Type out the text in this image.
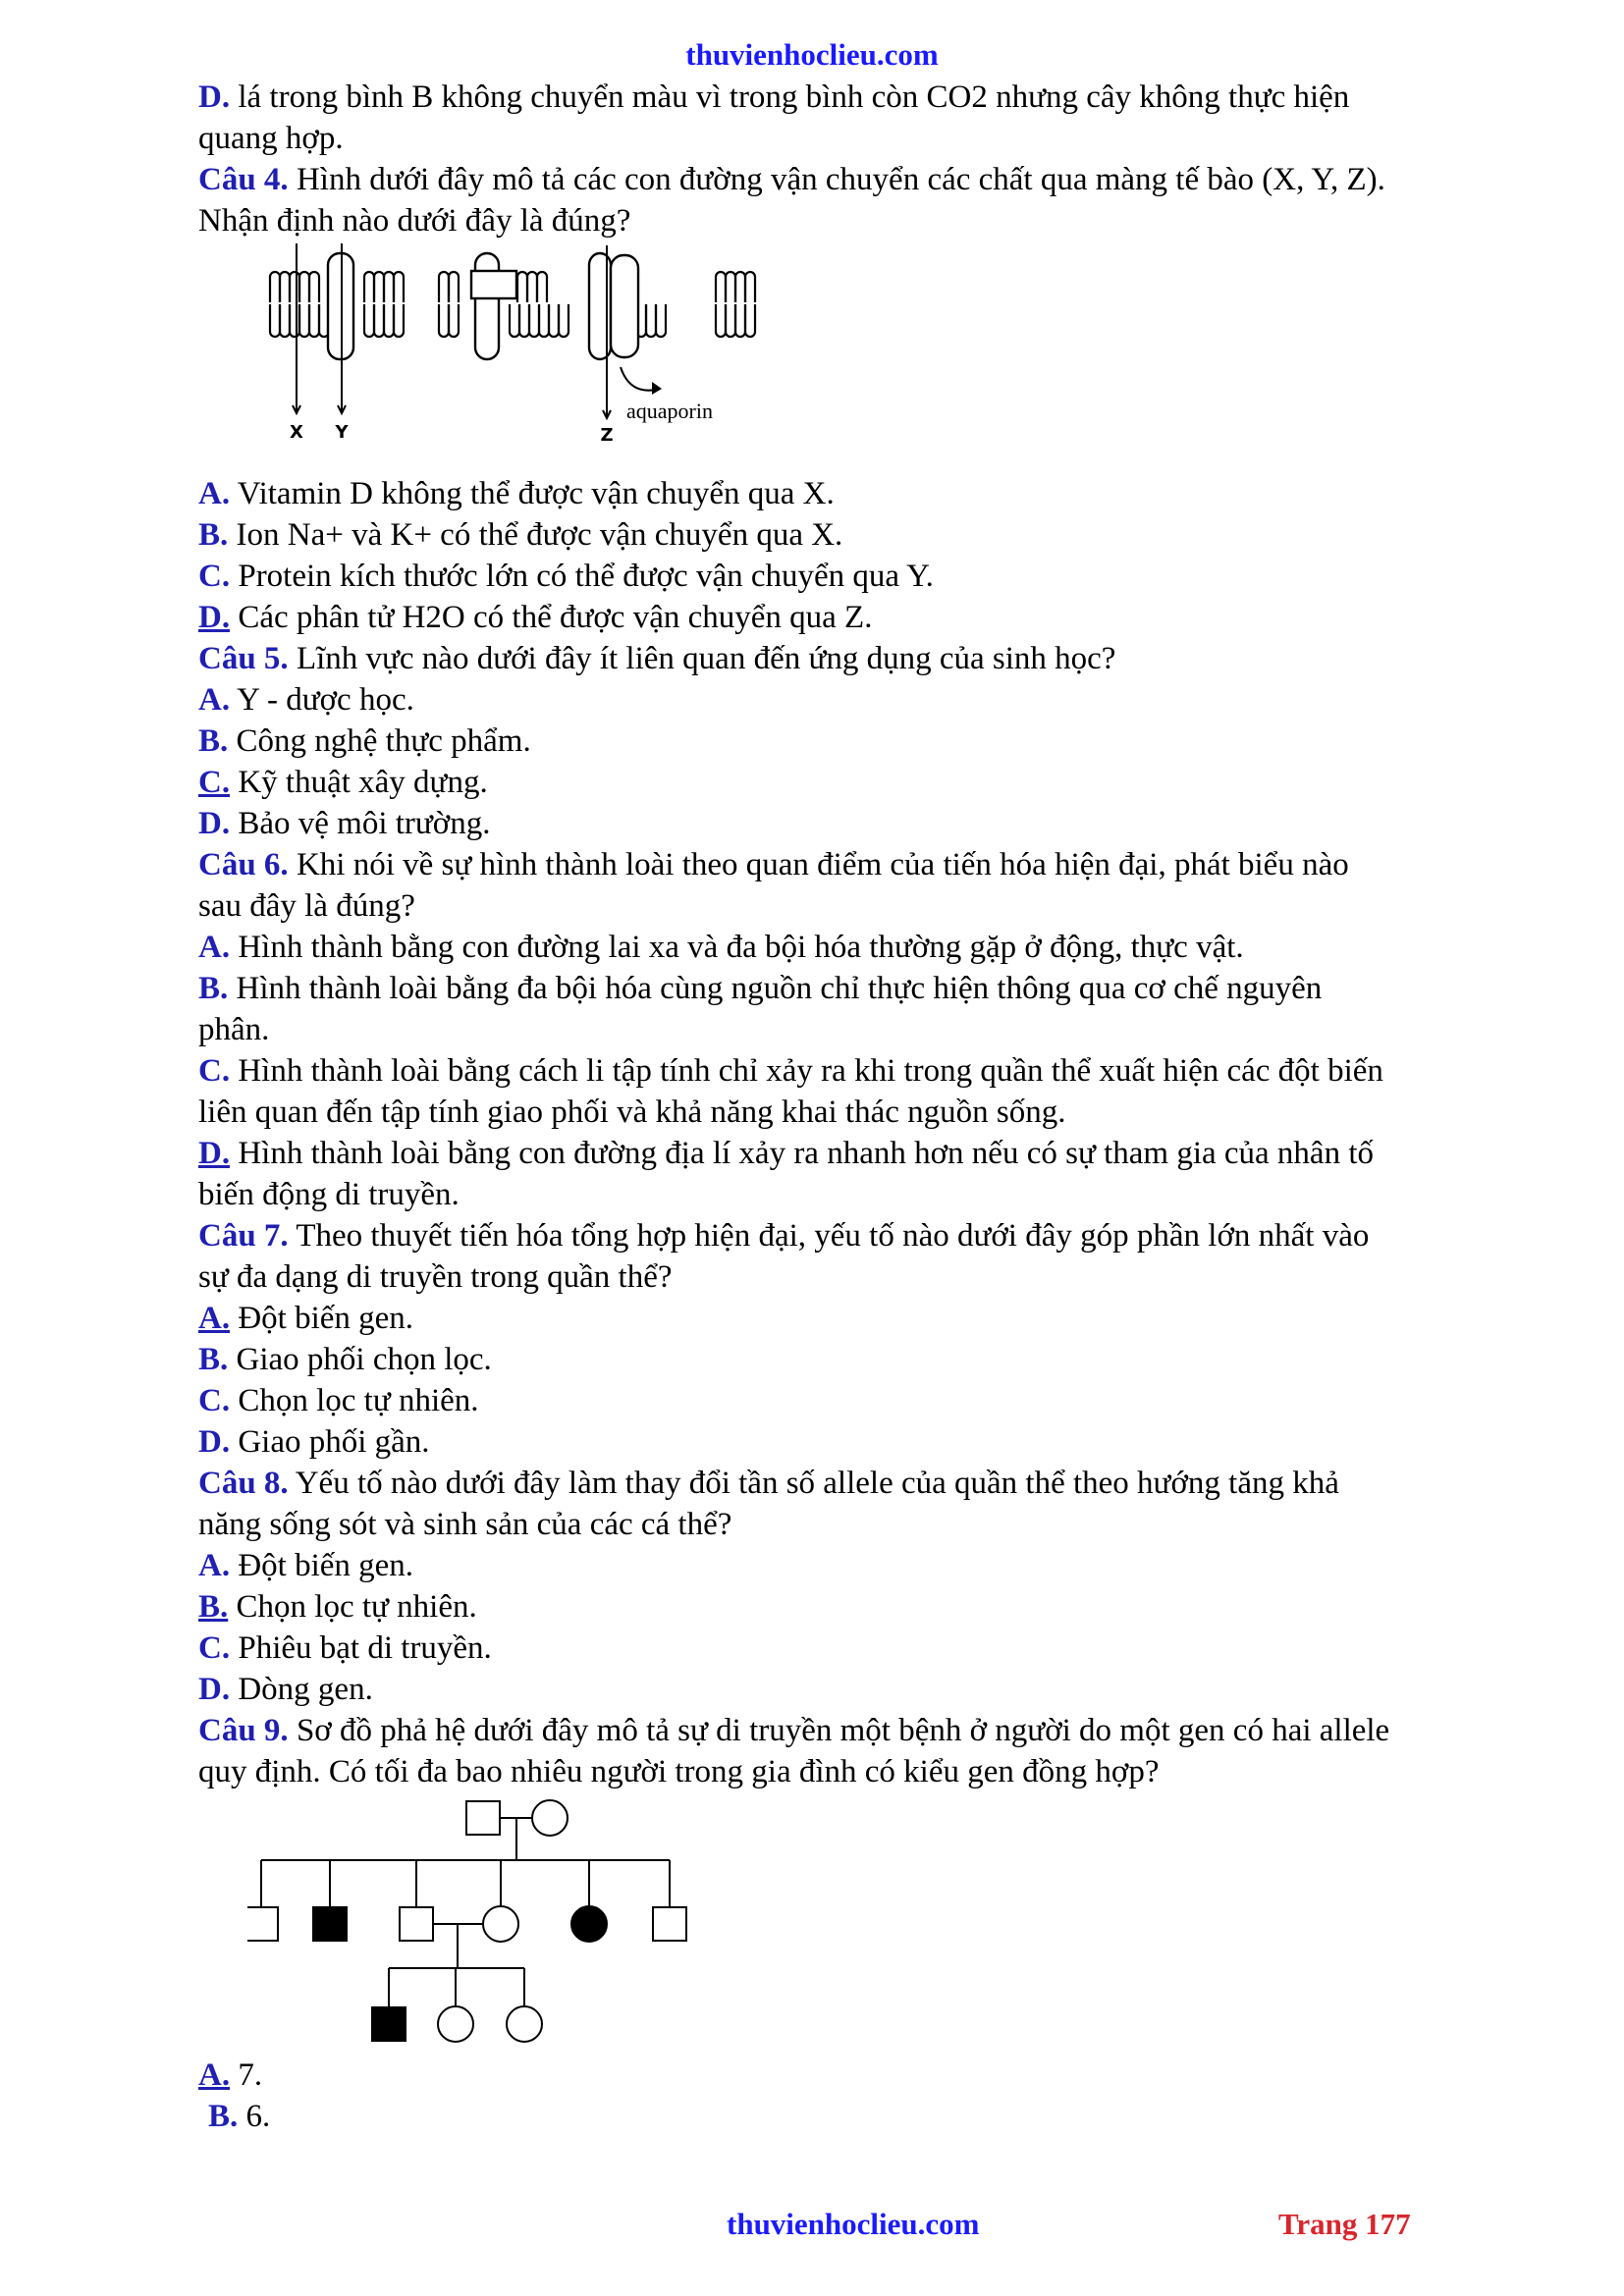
thuvienhoclieu.com
D. lá trong bình B không chuyển màu vì trong bình còn CO2 nhưng cây không thực hiện
quang hợp.
Câu 4. Hình dưới đây mô tả các con đường vận chuyển các chất qua màng tế bào (X, Y, Z).
Nhận định nào dưới đây là đúng?
X Y	Z
aquaporin
A. Vitamin D không thể được vận chuyển qua X.
B. Ion Na+ và K+ có thể được vận chuyển qua X.
C. Protein kích thước lớn có thể được vận chuyển qua Y.
D. Các phân tử H2O có thể được vận chuyển qua Z.
Câu 5. Lĩnh vực nào dưới đây ít liên quan đến ứng dụng của sinh học?
A. Y - dược học.
B. Công nghệ thực phẩm.
C. Kỹ thuật xây dựng.
D. Bảo vệ môi trường.
Câu 6. Khi nói về sự hình thành loài theo quan điểm của tiến hóa hiện đại, phát biểu nào
sau đây là đúng?
A. Hình thành bằng con đường lai xa và đa bội hóa thường gặp ở động, thực vật.
B. Hình thành loài bằng đa bội hóa cùng nguồn chỉ thực hiện thông qua cơ chế nguyên
phân.
C. Hình thành loài bằng cách li tập tính chỉ xảy ra khi trong quần thể xuất hiện các đột biến
liên quan đến tập tính giao phối và khả năng khai thác nguồn sống.
D. Hình thành loài bằng con đường địa lí xảy ra nhanh hơn nếu có sự tham gia của nhân tố
biến động di truyền.
Câu 7. Theo thuyết tiến hóa tổng hợp hiện đại, yếu tố nào dưới đây góp phần lớn nhất vào
sự đa dạng di truyền trong quần thể?
A. Đột biến gen.
B. Giao phối chọn lọc.
C. Chọn lọc tự nhiên.
D. Giao phối gần.
Câu 8. Yếu tố nào dưới đây làm thay đổi tần số allele của quần thể theo hướng tăng khả
năng sống sót và sinh sản của các cá thể?
A. Đột biến gen.
B. Chọn lọc tự nhiên.
C. Phiêu bạt di truyền.
D. Dòng gen.
Câu 9. Sơ đồ phả hệ dưới đây mô tả sự di truyền một bệnh ở người do một gen có hai allele
quy định. Có tối đa bao nhiêu người trong gia đình có kiểu gen đồng hợp?
A. 7.
B. 6.
thuvienhoclieu.com	Trang 177
